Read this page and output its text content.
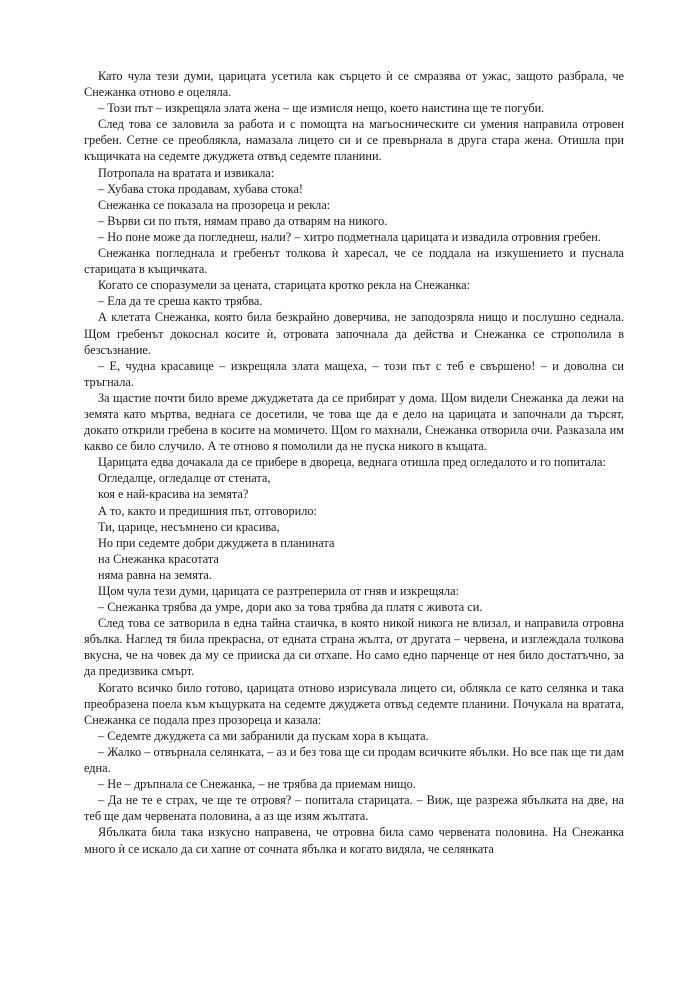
Като чула тези думи, царицата усетила как сърцето ѝ се смразява от ужас, защото разбрала, че Снежанка отново е оцеляла.

– Този път – изкрещяла злата жена – ще измисля нещо, което наистина ще те погуби.

След това се заловила за работа и с помощта на магьосническите си умения направила отровен гребен. Сетне се преоблякла, намазала лицето си и се превърнала в друга стара жена. Отишла при къщичката на седемте джуджета отвъд седемте планини.

Потропала на вратата и извикала:

– Хубава стока продавам, хубава стока!

Снежанка се показала на прозореца и рекла:

– Върви си по пътя, нямам право да отварям на никого.

– Но поне може да погледнеш, нали? – хитро подметнала царицата и извадила отровния гребен.

Снежанка погледнала и гребенът толкова ѝ харесал, че се поддала на изкушението и пуснала старицата в къщичката.

Когато се споразумели за цената, старицата кротко рекла на Снежанка:

– Ела да те среша както трябва.

А клетата Снежанка, която била безкрайно доверчива, не заподозряла нищо и послушно седнала. Щом гребенът докоснал косите ѝ, отровата започнала да действа и Снежанка се строполила в безсъзнание.

– Е, чудна красавице – изкрещяла злата мащеха, – този път с теб е свършено! – и доволна си тръгнала.

За щастие почти било време джуджетата да се прибират у дома. Щом видели Снежанка да лежи на земята като мъртва, веднага се досетили, че това ще да е дело на царицата и започнали да търсят, докато открили гребена в косите на момичето. Щом го махнали, Снежанка отворила очи. Разказала им какво се било случило. А те отново я помолили да не пуска никого в къщата.

Царицата едва дочакала да се прибере в двореца, веднага отишла пред огледалото и го попитала:

Огледалце, огледалце от стената,

коя е най-красива на земята?

А то, както и предишния път, отговорило:

Ти, царице, несъмнено си красива,

Но при седемте добри джуджета в планината

на Снежанка красотата

няма равна на земята.

Щом чула тези думи, царицата се разтреперила от гняв и изкрещяла:

– Снежанка трябва да умре, дори ако за това трябва да платя с живота си.

След това се затворила в една тайна стаичка, в която никой никога не влизал, и направила отровна ябълка. Наглед тя била прекрасна, от едната страна жълта, от другата – червена, и изглеждала толкова вкусна, че на човек да му се прииска да си отхапе. Но само едно парченце от нея било достатъчно, за да предизвика смърт.

Когато всичко било готово, царицата отново изрисувала лицето си, облякла се като селянка и така преобразена поела към къщурката на седемте джуджета отвъд седемте планини. Почукала на вратата, Снежанка се подала през прозореца и казала:

– Седемте джуджета са ми забранили да пускам хора в къщата.

– Жалко – отвърнала селянката, – аз и без това ще си продам всичките ябълки. Но все пак ще ти дам една.

– Не – дръпнала се Снежанка, – не трябва да приемам нищо.

– Да не те е страх, че ще те отровя? – попитала старицата. – Виж, ще разрежа ябълката на две, на теб ще дам червената половина, а аз ще изям жълтата.

Ябълката била така изкусно направена, че отровна била само червената половина. На Снежанка много ѝ се искало да си хапне от сочната ябълка и когато видяла, че селянката
